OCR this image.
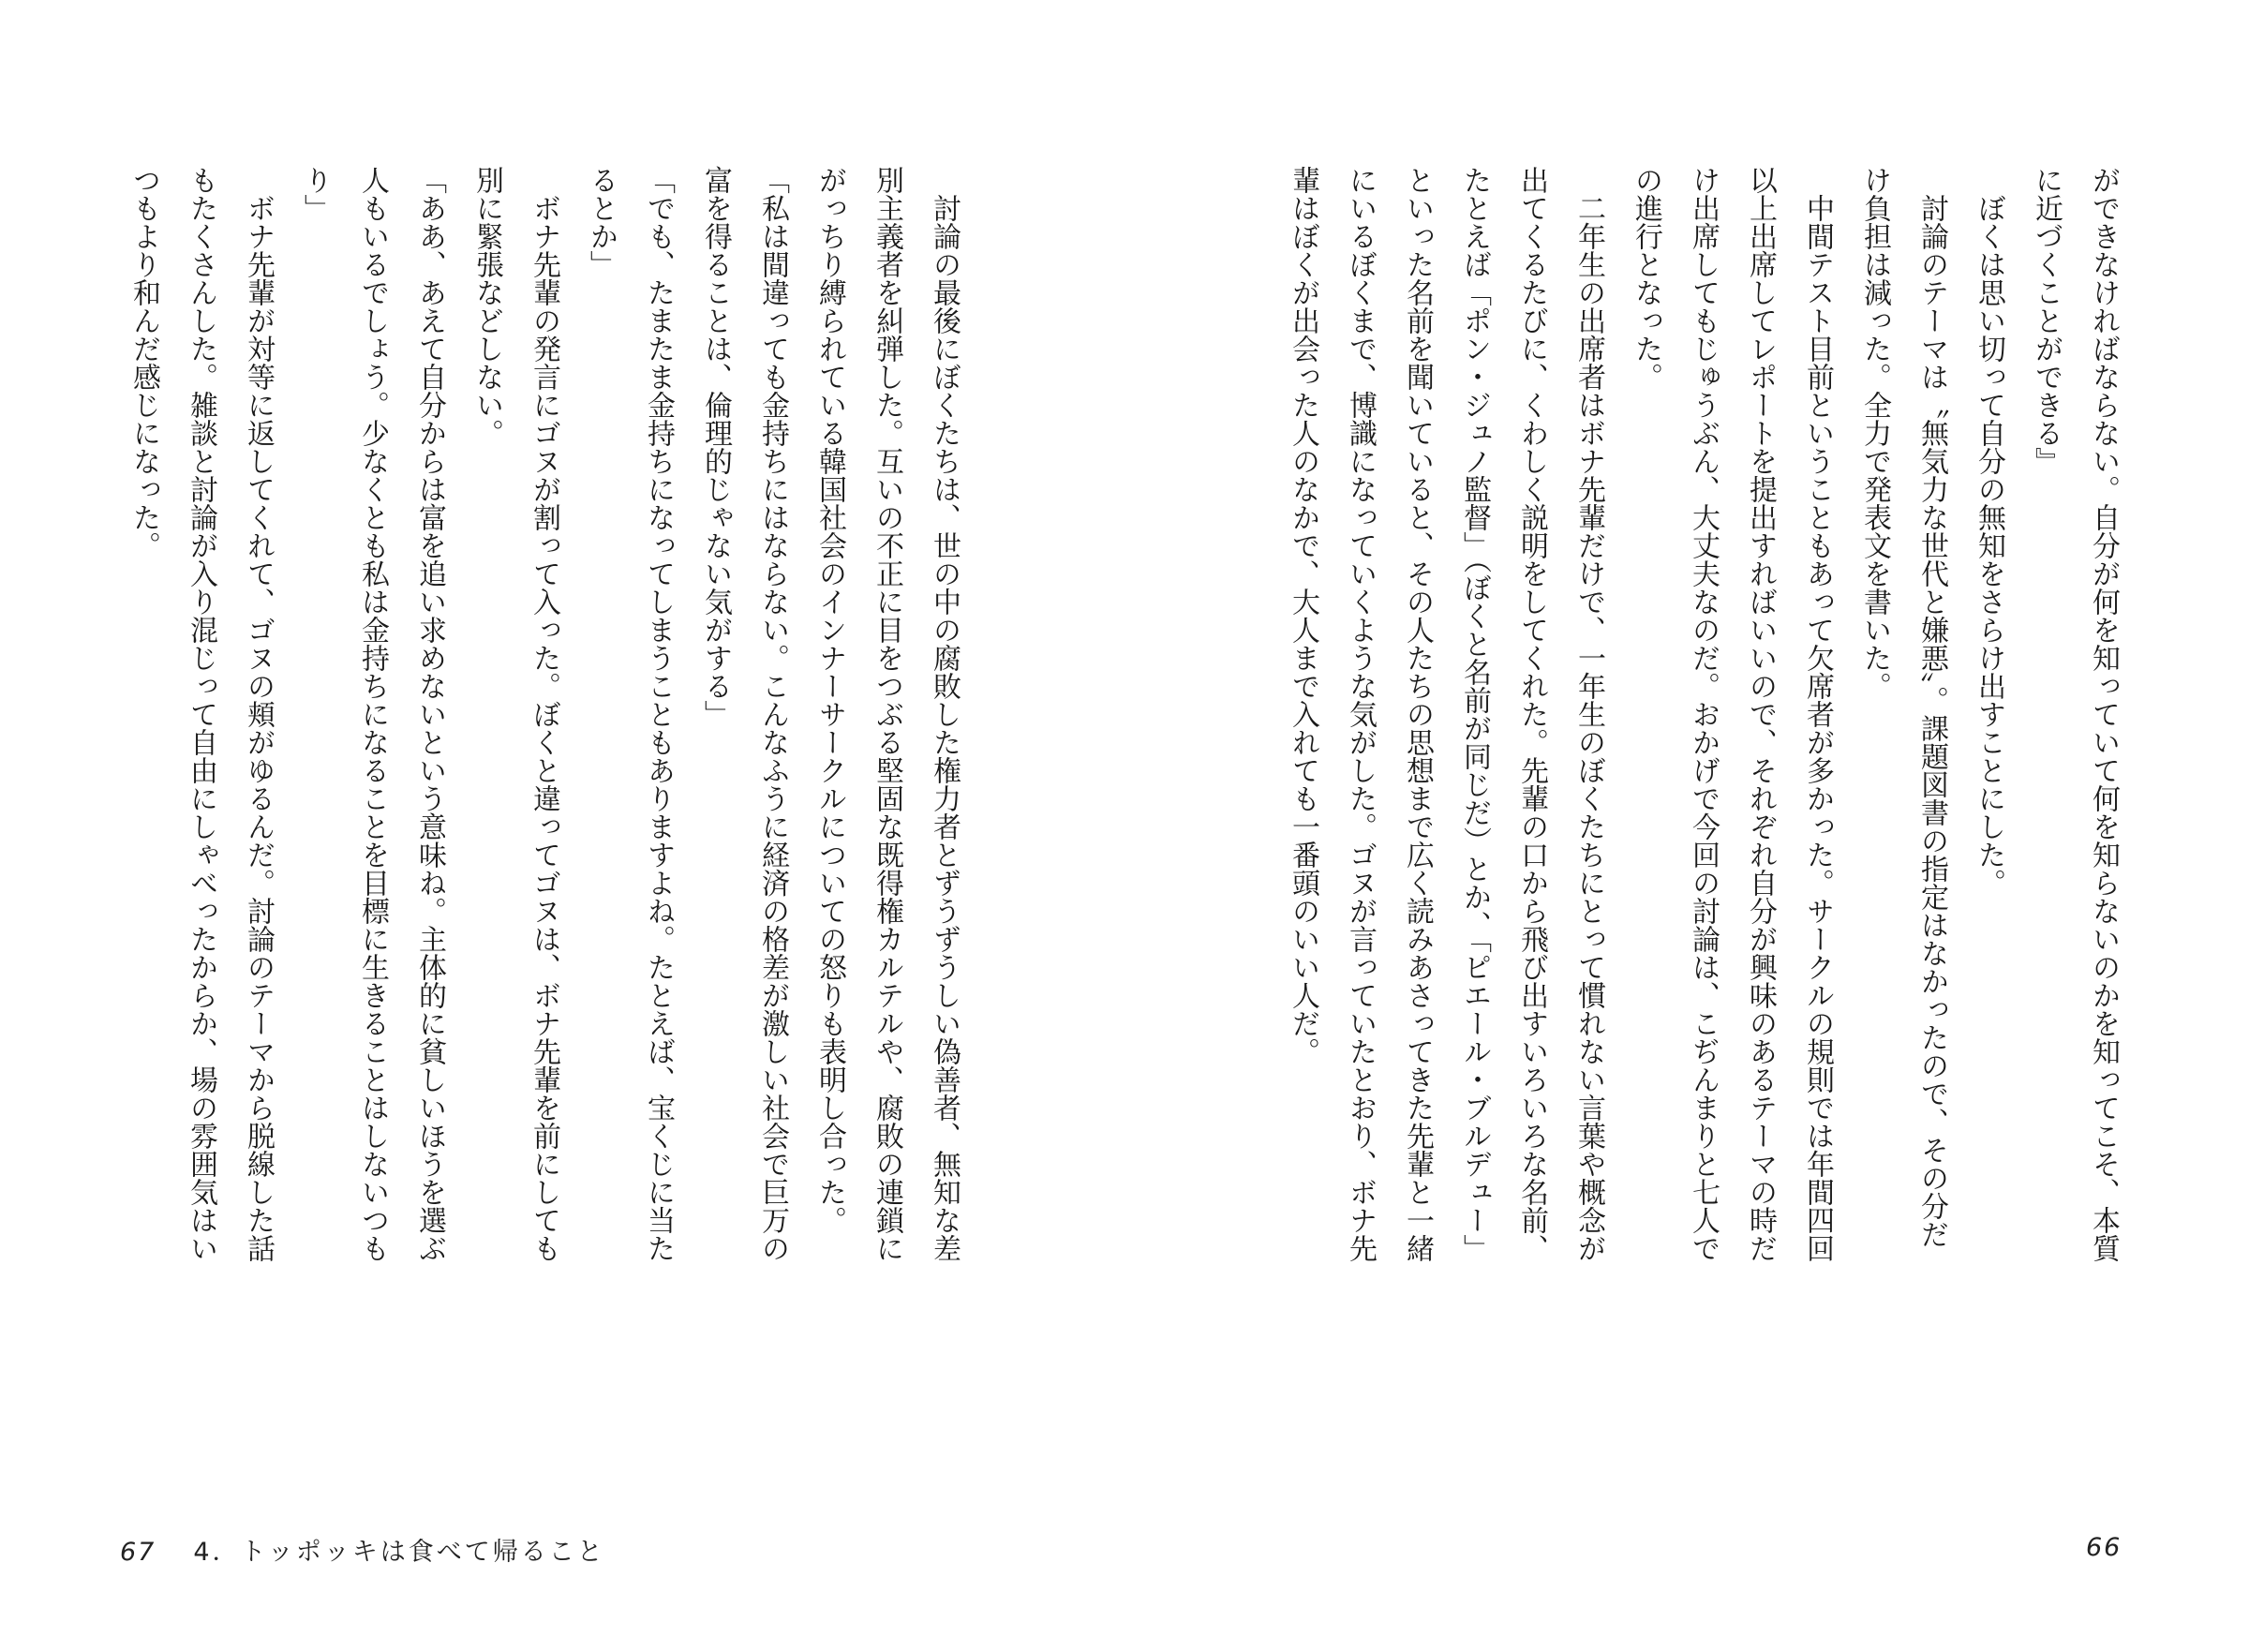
ができなければならない。自分が何を知っていて何を知らないのかを知ってこそ、本質

に近づくことができる』

　ぼくは思い切って自分の無知をさらけ出すことにした。

　討論のテーマは〝無気力な世代と嫌悪〟。課題図書の指定はなかったので、その分だ

け負担は減った。全力で発表文を書いた。

　中間テスト目前ということもあって欠席者が多かった。サークルの規則では年間四回

以上出席してレポートを提出すればいいので、それぞれ自分が興味のあるテーマの時だ

け出席してもじゅうぶん、大丈夫なのだ。おかげで今回の討論は、こぢんまりと七人で

の進行となった。

　二年生の出席者はボナ先輩だけで、一年生のぼくたちにとって慣れない言葉や概念が

出てくるたびに、くわしく説明をしてくれた。先輩の口から飛び出すいろいろな名前、

たとえば「ポン・ジュノ監督」（ぼくと名前が同じだ）とか、「ピエール・ブルデュー」

といった名前を聞いていると、その人たちの思想まで広く読みあさってきた先輩と一緒

にいるぼくまで、博識になっていくような気がした。ゴヌが言っていたとおり、ボナ先

輩はぼくが出会った人のなかで、大人まで入れても一番頭のいい人だ。

　討論の最後にぼくたちは、世の中の腐敗した権力者とずうずうしい偽善者、無知な差

別主義者を糾弾した。互いの不正に目をつぶる堅固な既得権カルテルや、腐敗の連鎖に

がっちり縛られている韓国社会のインナーサークルについての怒りも表明し合った。

「私は間違っても金持ちにはならない。こんなふうに経済の格差が激しい社会で巨万の

富を得ることは、倫理的じゃない気がする」

「でも、たまたま金持ちになってしまうこともありますよね。たとえば、宝くじに当た

るとか」

　ボナ先輩の発言にゴヌが割って入った。ぼくと違ってゴヌは、ボナ先輩を前にしても

別に緊張などしない。

「ああ、あえて自分からは富を追い求めないという意味ね。主体的に貧しいほうを選ぶ

人もいるでしょう。少なくとも私は金持ちになることを目標に生きることはしないつも

り」

　ボナ先輩が対等に返してくれて、ゴヌの頬がゆるんだ。討論のテーマから脱線した話

もたくさんした。雑談と討論が入り混じって自由にしゃべったからか、場の雰囲気はい

つもより和んだ感じになった。

67 4．トッポッキは食べて帰ること	66
